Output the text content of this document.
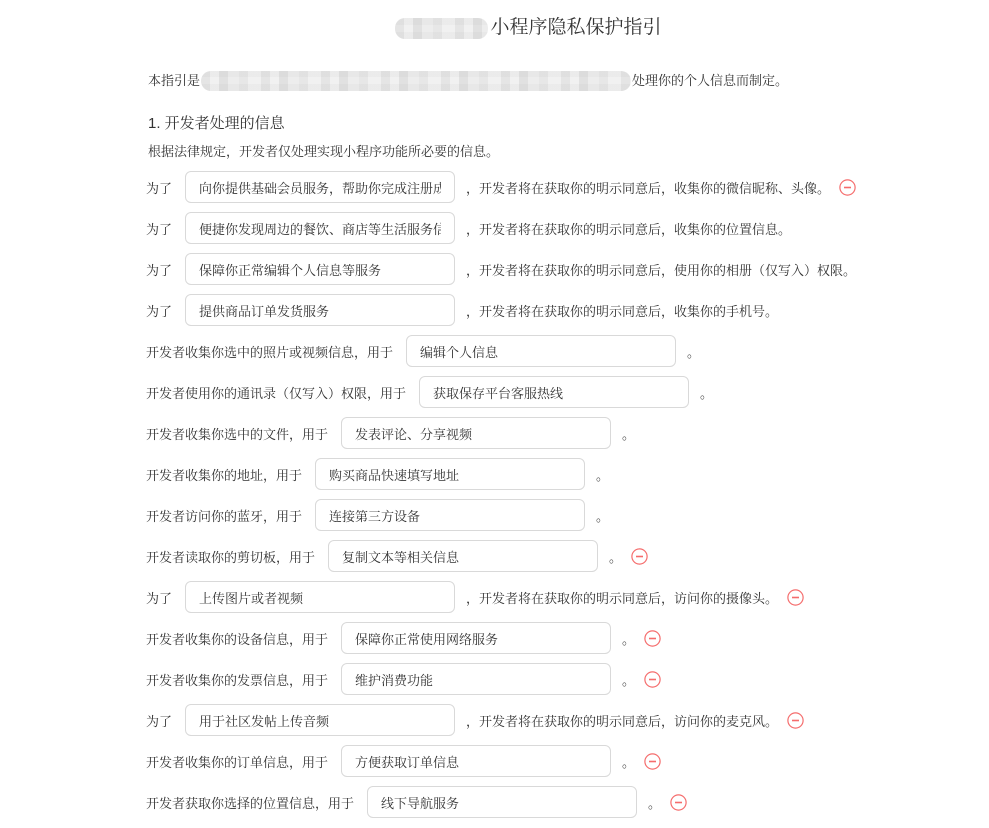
小程序隐私保护指引
本指引是	处理你的个人信息而制定。
1. 开发者处理的信息
根据法律规定，开发者仅处理实现小程序功能所必要的信息。
为了
向你提供基础会员服务，帮助你完成注册成	，开发者将在获取你的明示同意后，收集你的微信昵称、头像。
为了
便捷你发现周边的餐饮、商店等生活服务信	，开发者将在获取你的明示同意后，收集你的位置信息。
为了
保障你正常编辑个人信息等服务	，开发者将在获取你的明示同意后，使用你的相册（仅写入）权限。
为了
提供商品订单发货服务	，开发者将在获取你的明示同意后，收集你的手机号。
开发者收集你选中的照片或视频信息，用于
编辑个人信息	。
开发者使用你的通讯录（仅写入）权限，用于
获取保存平台客服热线	。
开发者收集你选中的文件，用于
发表评论、分享视频	。
开发者收集你的地址，用于
购买商品快速填写地址	。
开发者访问你的蓝牙，用于
连接第三方设备	。
开发者读取你的剪切板，用于
复制文本等相关信息	。
为了
上传图片或者视频	，开发者将在获取你的明示同意后，访问你的摄像头。
开发者收集你的设备信息，用于
保障你正常使用网络服务	。
开发者收集你的发票信息，用于
维护消费功能	。
为了
用于社区发帖上传音频	，开发者将在获取你的明示同意后，访问你的麦克风。
开发者收集你的订单信息，用于
方便获取订单信息	。
开发者获取你选择的位置信息，用于
线下导航服务	。
